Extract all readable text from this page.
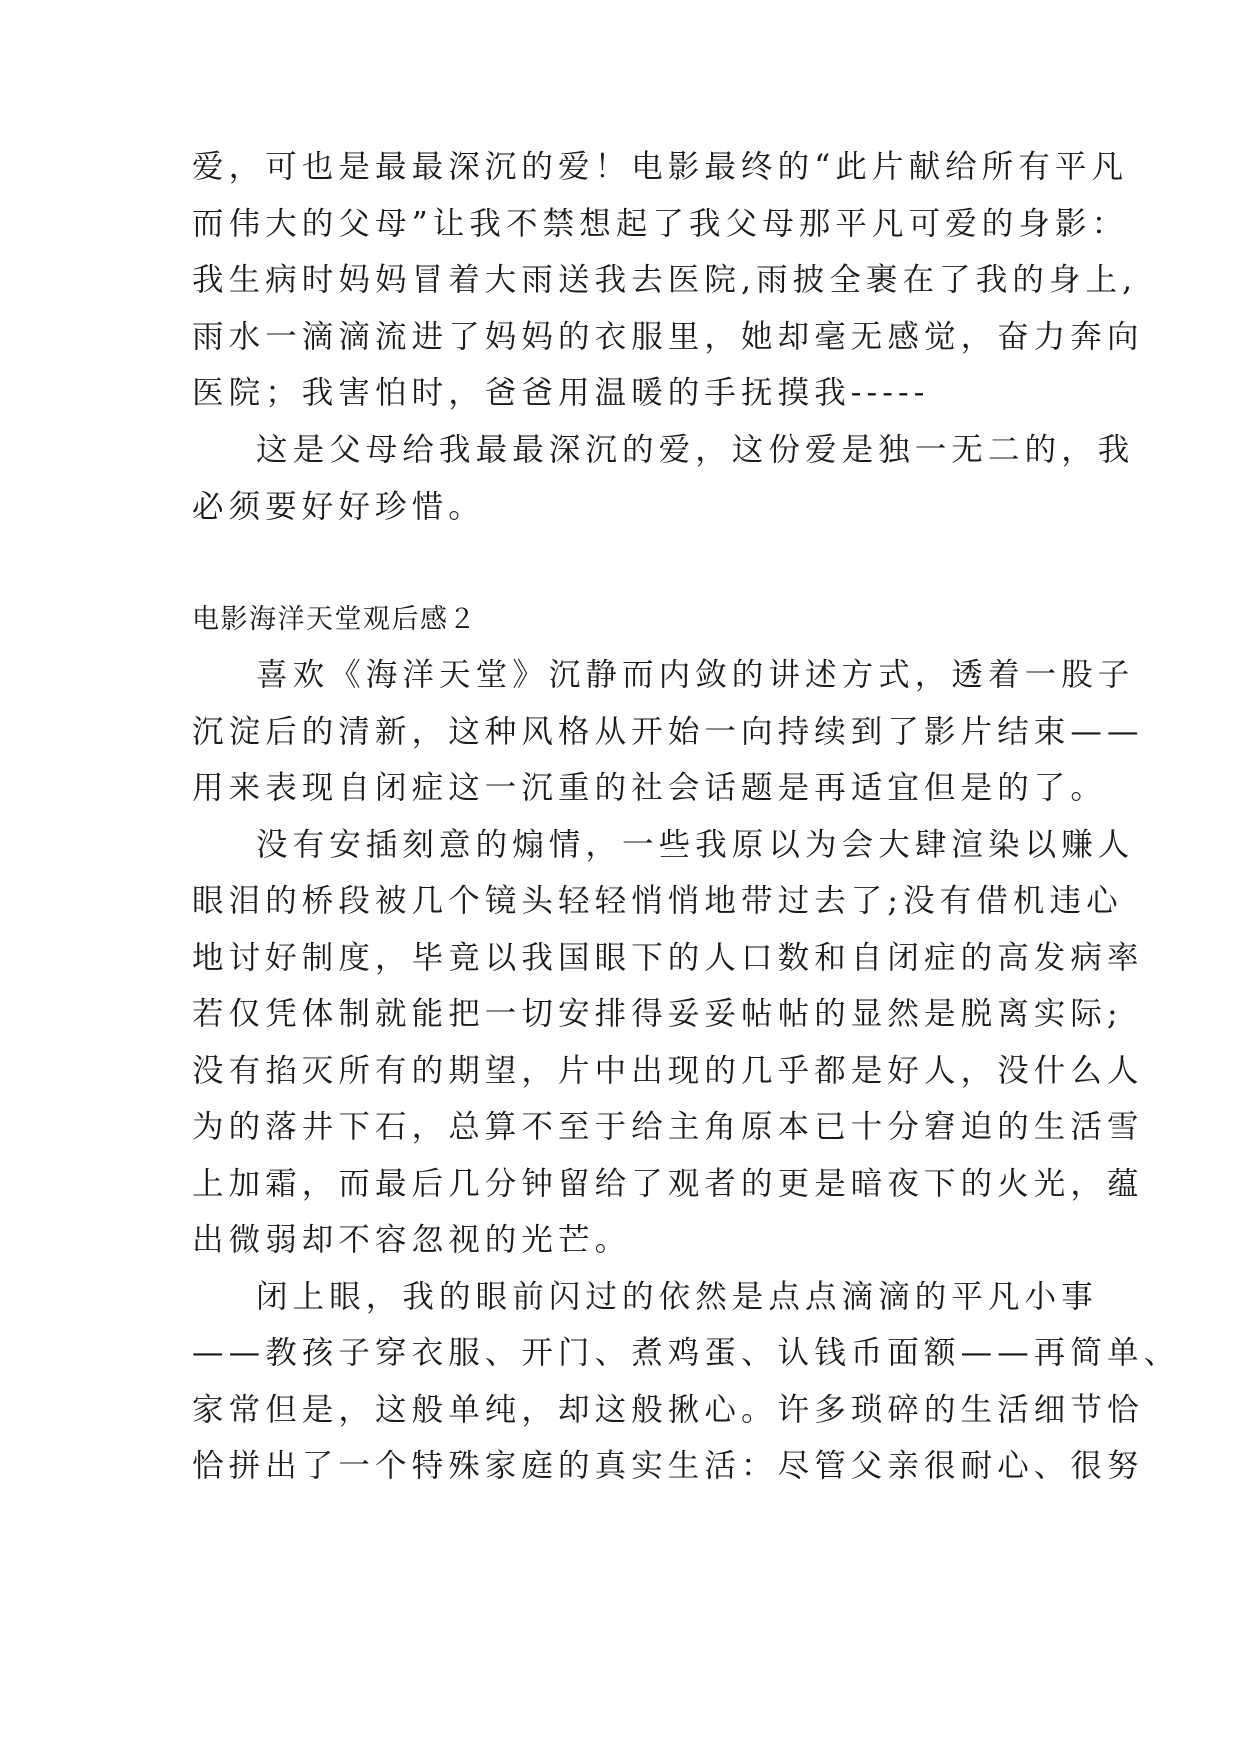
爱，可也是最最深沉的爱！电影最终的“此片献给所有平凡
而伟大的父母”让我不禁想起了我父母那平凡可爱的身影：
我生病时妈妈冒着大雨送我去医院,雨披全裹在了我的身上,
雨水一滴滴流进了妈妈的衣服里，她却毫无感觉，奋力奔向
医院；我害怕时，爸爸用温暖的手抚摸我-----
这是父母给我最最深沉的爱，这份爱是独一无二的，我
必须要好好珍惜。
电影海洋天堂观后感２
喜欢《海洋天堂》沉静而内敛的讲述方式，透着一股子
沉淀后的清新，这种风格从开始一向持续到了影片结束——
用来表现自闭症这一沉重的社会话题是再适宜但是的了。
没有安插刻意的煽情，一些我原以为会大肆渲染以赚人
眼泪的桥段被几个镜头轻轻悄悄地带过去了;没有借机违心
地讨好制度，毕竟以我国眼下的人口数和自闭症的高发病率
若仅凭体制就能把一切安排得妥妥帖帖的显然是脱离实际;
没有掐灭所有的期望，片中出现的几乎都是好人，没什么人
为的落井下石，总算不至于给主角原本已十分窘迫的生活雪
上加霜，而最后几分钟留给了观者的更是暗夜下的火光，蕴
出微弱却不容忽视的光芒。
闭上眼，我的眼前闪过的依然是点点滴滴的平凡小事
——教孩子穿衣服、开门、煮鸡蛋、认钱币面额——再简单、
家常但是，这般单纯，却这般揪心。许多琐碎的生活细节恰
恰拼出了一个特殊家庭的真实生活：尽管父亲很耐心、很努
